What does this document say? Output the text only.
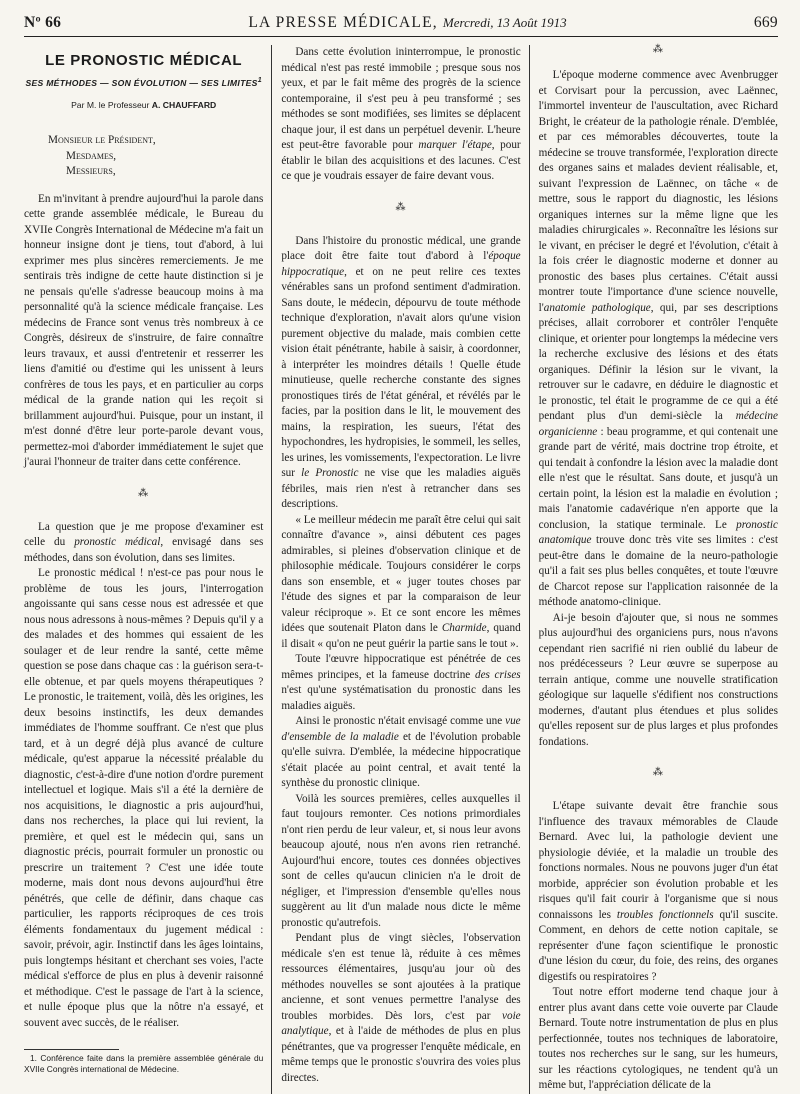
Nº 66	LA PRESSE MÉDICALE, Mercredi, 13 Août 1913	669
LE PRONOSTIC MÉDICAL
SES MÉTHODES — SON ÉVOLUTION — SES LIMITES$^1$
Par M. le Professeur A. CHAUFFARD
Monsieur le Président,
Mesdames,
Messieurs,

En m'invitant à prendre aujourd'hui la parole dans cette grande assemblée médicale, le Bureau du XVIIe Congrès International de Médecine m'a fait un honneur insigne dont je tiens, tout d'abord, à lui exprimer mes plus sincères remerciements. Je me sentirais très indigne de cette haute distinction si je ne pensais qu'elle s'adresse beaucoup moins à ma personnalité qu'à la science médicale française. Les médecins de France sont venus très nombreux à ce Congrès, désireux de s'instruire, de faire connaître leurs travaux, et aussi d'entretenir et resserrer les liens d'amitié ou d'estime qui les unissent à leurs confrères de tous les pays, et en particulier au corps médical de la grande nation qui les reçoit si brillamment aujourd'hui. Puisque, pour un instant, il m'est donné d'être leur porte-parole devant vous, permettez-moi d'aborder immédiatement le sujet que j'aurai l'honneur de traiter dans cette conférence.

⁂

La question que je me propose d'examiner est celle du pronostic médical, envisagé dans ses méthodes, dans son évolution, dans ses limites.

Le pronostic médical ! n'est-ce pas pour nous le problème de tous les jours, l'interrogation angoissante qui sans cesse nous est adressée et que nous nous adressons à nous-mêmes ? Depuis qu'il y a des malades et des hommes qui essaient de les soulager et de leur rendre la santé, cette même question se pose dans chaque cas : la guérison sera-t-elle obtenue, et par quels moyens thérapeutiques ? Le pronostic, le traitement, voilà, dès les origines, les deux besoins instinctifs, les deux demandes immédiates de l'homme souffrant. Ce n'est que plus tard, et à un degré déjà plus avancé de culture médicale, qu'est apparue la nécessité préalable du diagnostic, c'est-à-dire d'une notion d'ordre purement intellectuel et logique. Mais s'il a été la dernière de nos acquisitions, le diagnostic a pris aujourd'hui, dans nos recherches, la place qui lui revient, la première, et quel est le médecin qui, sans un diagnostic précis, pourrait formuler un pronostic ou prescrire un traitement ? C'est une idée toute moderne, mais dont nous devons aujourd'hui être pénétrés, que celle de définir, dans chaque cas particulier, les rapports réciproques de ces trois éléments fondamentaux du jugement médical : savoir, prévoir, agir. Instinctif dans les âges lointains, puis longtemps hésitant et cherchant ses voies, l'acte médical s'efforce de plus en plus à devenir raisonné et méthodique. C'est le passage de l'art à la science, et nulle époque plus que la nôtre n'a essayé, et souvent avec succès, de le réaliser.

1. Conférence faite dans la première assemblée générale du XVIIe Congrès international de Médecine.

Dans cette évolution ininterrompue, le pronostic médical n'est pas resté immobile ; presque sous nos yeux, et par le fait même des progrès de la science contemporaine, il s'est peu à peu transformé ; ses méthodes se sont modifiées, ses limites se déplacent chaque jour, il est dans un perpétuel devenir. L'heure est peut-être favorable pour marquer l'étape, pour établir le bilan des acquisitions et des lacunes. C'est ce que je voudrais essayer de faire devant vous.

⁂

Dans l'histoire du pronostic médical, une grande place doit être faite tout d'abord à l'époque hippocratique, et on ne peut relire ces textes vénérables sans un profond sentiment d'admiration. Sans doute, le médecin, dépourvu de toute méthode technique d'exploration, n'avait alors qu'une vision purement objective du malade, mais combien cette vision était pénétrante, habile à saisir, à coordonner, à interpréter les moindres détails ! Quelle étude minutieuse, quelle recherche constante des signes pronostiques tirés de l'état général, et révélés par le facies, par la position dans le lit, le mouvement des mains, la respiration, les sueurs, l'état des hypochondres, les hydropisies, le sommeil, les selles, les urines, les vomissements, l'expectoration. Le livre sur le Pronostic ne vise que les maladies aiguës fébriles, mais rien n'est à retrancher dans ses descriptions.

« Le meilleur médecin me paraît être celui qui sait connaître d'avance », ainsi débutent ces pages admirables, si pleines d'observation clinique et de philosophie médicale. Toujours considérer le corps dans son ensemble, et « juger toutes choses par l'étude des signes et par la comparaison de leur valeur réciproque ». Et ce sont encore les mêmes idées que soutenait Platon dans le Charmide, quand il disait « qu'on ne peut guérir la partie sans le tout ».

Toute l'œuvre hippocratique est pénétrée de ces mêmes principes, et la fameuse doctrine des crises n'est qu'une systématisation du pronostic dans les maladies aiguës.

Ainsi le pronostic n'était envisagé comme une vue d'ensemble de la maladie et de l'évolution probable qu'elle suivra. D'emblée, la médecine hippocratique s'était placée au point central, et avait tenté la synthèse du pronostic clinique.

Voilà les sources premières, celles auxquelles il faut toujours remonter. Ces notions primordiales n'ont rien perdu de leur valeur, et, si nous leur avons beaucoup ajouté, nous n'en avons rien retranché. Aujourd'hui encore, toutes ces données objectives sont de celles qu'aucun clinicien n'a le droit de négliger, et l'impression d'ensemble qu'elles nous suggèrent au lit d'un malade nous dicte le même pronostic qu'autrefois.

Pendant plus de vingt siècles, l'observation médicale s'en est tenue là, réduite à ces mêmes ressources élémentaires, jusqu'au jour où des méthodes nouvelles se sont ajoutées à la pratique ancienne, et sont venues permettre l'analyse des troubles morbides. Dès lors, c'est par voie analytique, et à l'aide de méthodes de plus en plus pénétrantes, que va progresser l'enquête médicale, en même temps que le pronostic s'ouvrira des voies plus directes.

⁂

L'époque moderne commence avec Avenbrugger et Corvisart pour la percussion, avec Laënnec, l'immortel inventeur de l'auscultation, avec Richard Bright, le créateur de la pathologie rénale. D'emblée, et par ces mémorables découvertes, toute la médecine se trouve transformée, l'exploration directe des organes sains et malades devient réalisable, et, suivant l'expression de Laënnec, on tâche « de mettre, sous le rapport du diagnostic, les lésions organiques internes sur la même ligne que les maladies chirurgicales ». Reconnaître les lésions sur le vivant, en préciser le degré et l'évolution, c'était à la fois créer le diagnostic moderne et donner au pronostic des bases plus certaines. C'était aussi montrer toute l'importance d'une science nouvelle, l'anatomie pathologique, qui, par ses descriptions précises, allait corroborer et contrôler l'enquête clinique, et orienter pour longtemps la médecine vers la recherche exclusive des lésions et des états organiques. Définir la lésion sur le vivant, la retrouver sur le cadavre, en déduire le diagnostic et le pronostic, tel était le programme de ce qui a été pendant plus d'un demi-siècle la médecine organicienne : beau programme, et qui contenait une grande part de vérité, mais doctrine trop étroite, et qui tendait à confondre la lésion avec la maladie dont elle n'est que le résultat. Sans doute, et jusqu'à un certain point, la lésion est la maladie en évolution ; mais l'anatomie cadavérique n'en apporte que la conclusion, la statique terminale. Le pronostic anatomique trouve donc très vite ses limites : c'est peut-être dans le domaine de la neuro-pathologie qu'il a fait ses plus belles conquêtes, et toute l'œuvre de Charcot repose sur l'application raisonnée de la méthode anatomo-clinique.

Ai-je besoin d'ajouter que, si nous ne sommes plus aujourd'hui des organiciens purs, nous n'avons cependant rien sacrifié ni rien oublié du labeur de nos prédécesseurs ? Leur œuvre se superpose au terrain antique, comme une nouvelle stratification géologique sur laquelle s'édifient nos constructions modernes, d'autant plus étendues et plus solides qu'elles reposent sur de plus larges et plus profondes fondations.

⁂

L'étape suivante devait être franchie sous l'influence des travaux mémorables de Claude Bernard. Avec lui, la pathologie devient une physiologie déviée, et la maladie un trouble des fonctions normales. Nous ne pouvons juger d'un état morbide, apprécier son évolution probable et les risques qu'il fait courir à l'organisme que si nous connaissons les troubles fonctionnels qu'il suscite. Comment, en dehors de cette notion capitale, se représenter d'une façon scientifique le pronostic d'une lésion du cœur, du foie, des reins, des organes digestifs ou respiratoires ?

Tout notre effort moderne tend chaque jour à entrer plus avant dans cette voie ouverte par Claude Bernard. Toute notre instrumentation de plus en plus perfectionnée, toutes nos techniques de laboratoire, toutes nos recherches sur le sang, sur les humeurs, sur les réactions cytologiques, ne tendent qu'à un même but, l'appréciation délicate de la
